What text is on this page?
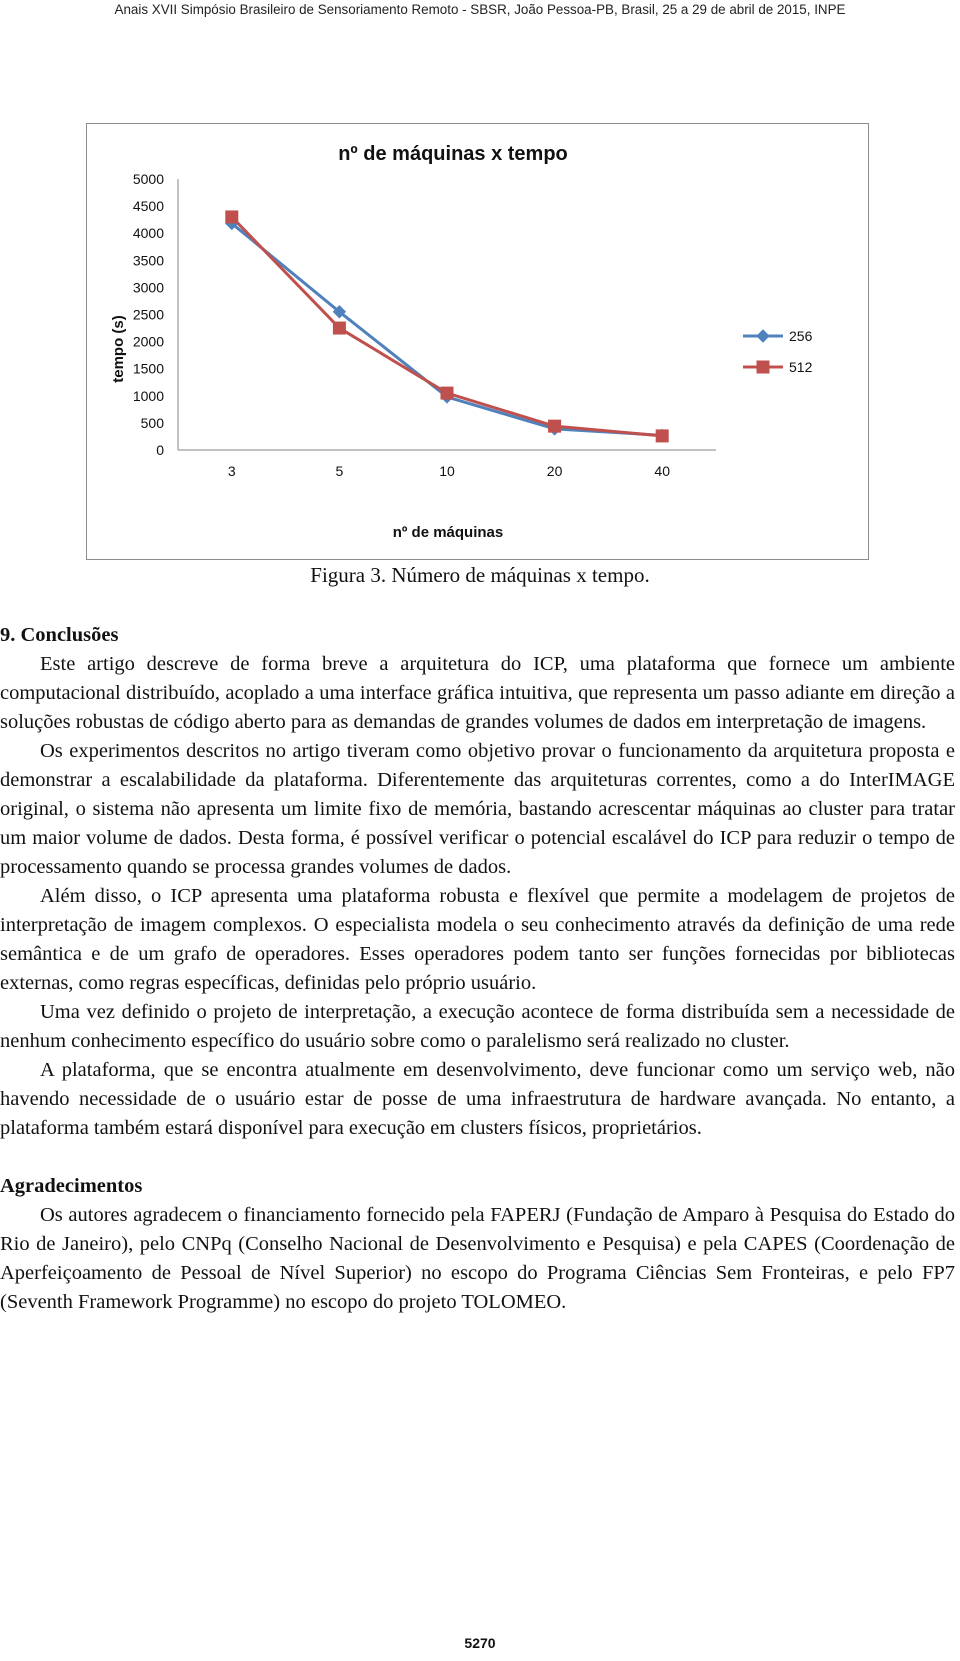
Anais XVII Simpósio Brasileiro de Sensoriamento Remoto - SBSR, João Pessoa-PB, Brasil, 25 a 29 de abril de 2015, INPE
nº de máquinas x tempo
tempo (s)
nº de máquinas
0
500
1000
1500
2000
2500
3000
3500
4000
4500
5000
3	5	10	20	40
256
512
Figura 3. Número de máquinas x tempo.
9. Conclusões

Este artigo descreve de forma breve a arquitetura do ICP, uma plataforma que fornece um ambiente computacional distribuído, acoplado a uma interface gráfica intuitiva, que representa um passo adiante em direção a soluções robustas de código aberto para as demandas de grandes volumes de dados em interpretação de imagens.

Os experimentos descritos no artigo tiveram como objetivo provar o funcionamento da arquitetura proposta e demonstrar a escalabilidade da plataforma. Diferentemente das arquiteturas correntes, como a do InterIMAGE original, o sistema não apresenta um limite fixo de memória, bastando acrescentar máquinas ao cluster para tratar um maior volume de dados. Desta forma, é possível verificar o potencial escalável do ICP para reduzir o tempo de processamento quando se processa grandes volumes de dados.

Além disso, o ICP apresenta uma plataforma robusta e flexível que permite a modelagem de projetos de interpretação de imagem complexos. O especialista modela o seu conhecimento através da definição de uma rede semântica e de um grafo de operadores. Esses operadores podem tanto ser funções fornecidas por bibliotecas externas, como regras específicas, definidas pelo próprio usuário.

Uma vez definido o projeto de interpretação, a execução acontece de forma distribuída sem a necessidade de nenhum conhecimento específico do usuário sobre como o paralelismo será realizado no cluster.

A plataforma, que se encontra atualmente em desenvolvimento, deve funcionar como um serviço web, não havendo necessidade de o usuário estar de posse de uma infraestrutura de hardware avançada. No entanto, a plataforma também estará disponível para execução em clusters físicos, proprietários.

Agradecimentos

Os autores agradecem o financiamento fornecido pela FAPERJ (Fundação de Amparo à Pesquisa do Estado do Rio de Janeiro), pelo CNPq (Conselho Nacional de Desenvolvimento e Pesquisa) e pela CAPES (Coordenação de Aperfeiçoamento de Pessoal de Nível Superior) no escopo do Programa Ciências Sem Fronteiras, e pelo FP7 (Seventh Framework Programme) no escopo do projeto TOLOMEO.

5270
